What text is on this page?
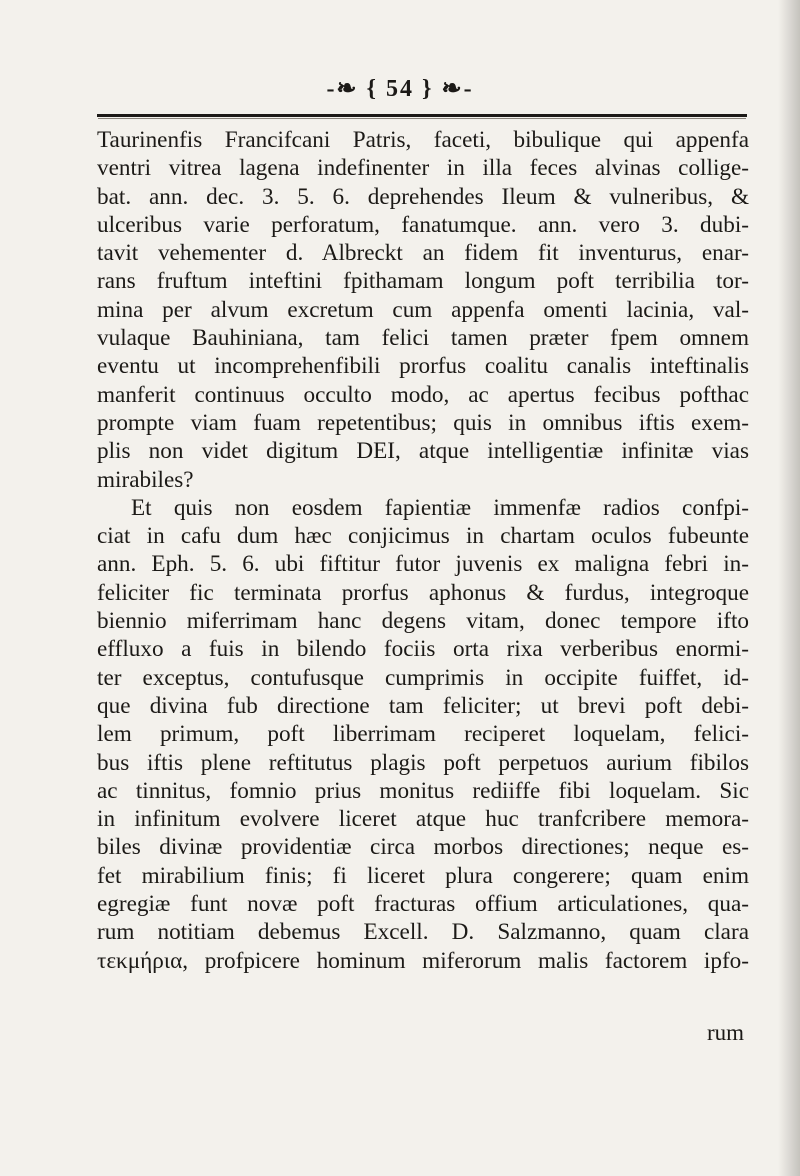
-❧ { 54 } ❧-
Taurinenfis Francifcani Patris, faceti, bibulique qui appenfa
ventri vitrea lagena indefinenter in illa feces alvinas collige-
bat. ann. dec. 3. 5. 6. deprehendes Ileum & vulneribus, &
ulceribus varie perforatum, fanatumque. ann. vero 3. dubi-
tavit vehementer d. Albreckt an fidem fit inventurus, enar-
rans fruftum inteftini fpithamam longum poft terribilia tor-
mina per alvum excretum cum appenfa omenti lacinia, val-
vulaque Bauhiniana, tam felici tamen præter fpem omnem
eventu ut incomprehenfibili prorfus coalitu canalis inteftinalis
manferit continuus occulto modo, ac apertus fecibus pofthac
prompte viam fuam repetentibus; quis in omnibus iftis exem-
plis non videt digitum DEI, atque intelligentiæ infinitæ vias
mirabiles?
Et quis non eosdem fapientiæ immenfæ radios confpi-
ciat in cafu dum hæc conjicimus in chartam oculos fubeunte
ann. Eph. 5. 6. ubi fiftitur futor juvenis ex maligna febri in-
feliciter fic terminata prorfus aphonus & furdus, integroque
biennio miferrimam hanc degens vitam, donec tempore ifto
effluxo a fuis in bilendo fociis orta rixa verberibus enormi-
ter exceptus, contufusque cumprimis in occipite fuiffet, id-
que divina fub directione tam feliciter; ut brevi poft debi-
lem primum, poft liberrimam reciperet loquelam, felici-
bus iftis plene reftitutus plagis poft perpetuos aurium fibilos
ac tinnitus, fomnio prius monitus rediiffe fibi loquelam. Sic
in infinitum evolvere liceret atque huc tranfcribere memora-
biles divinæ providentiæ circa morbos directiones; neque es-
fet mirabilium finis; fi liceret plura congerere; quam enim
egregiæ funt novæ poft fracturas offium articulationes, qua-
rum notitiam debemus Excell. D. Salzmanno, quam clara
τεκμήρια, profpicere hominum miferorum malis factorem ipfo-
rum
